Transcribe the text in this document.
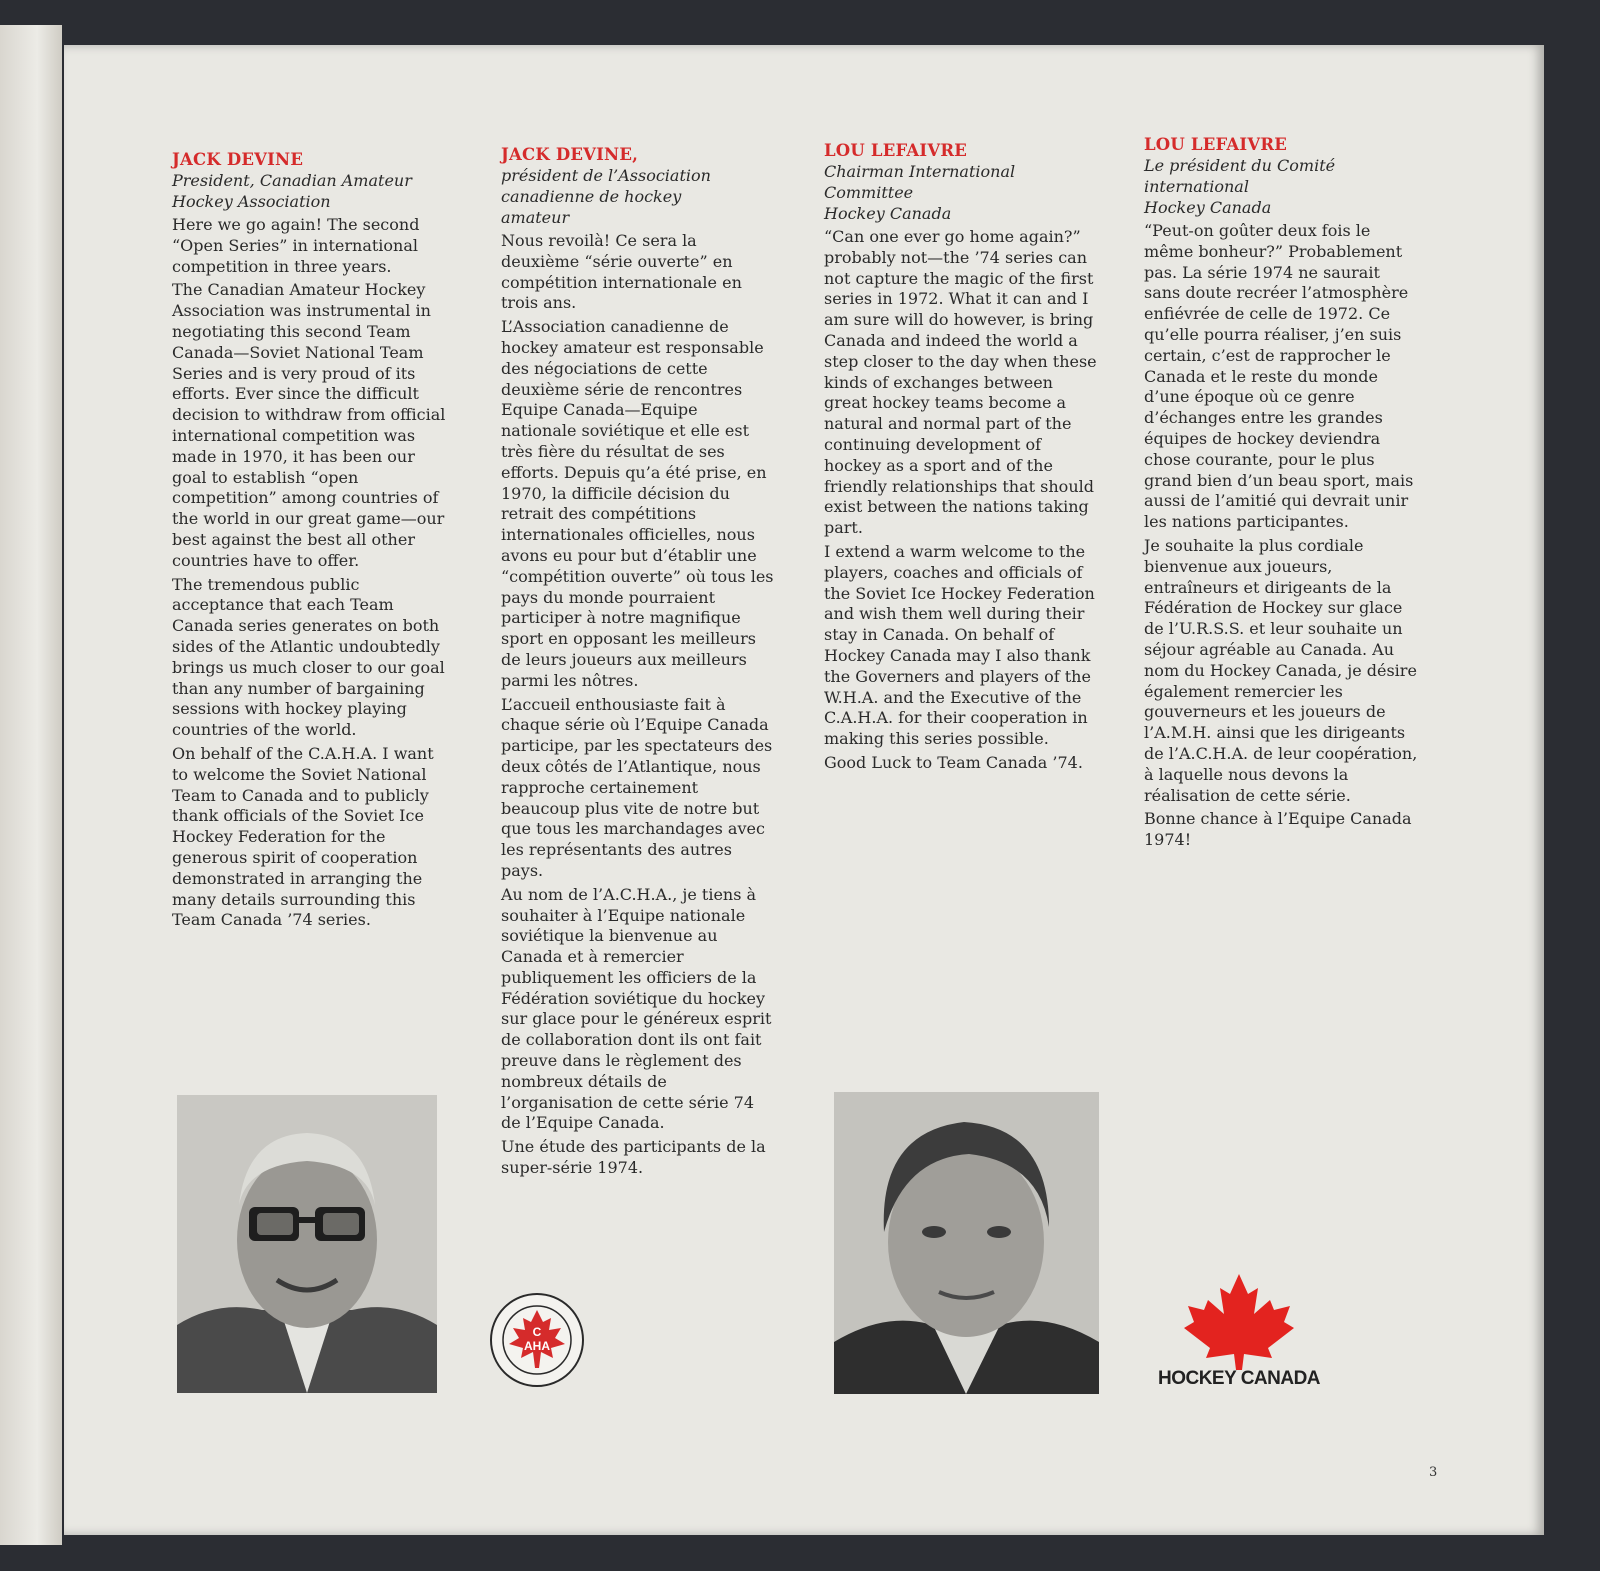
JACK DEVINE
President, Canadian Amateur
Hockey Association

Here we go again! The second “Open Series” in international competition in three years.

The Canadian Amateur Hockey Association was instrumental in negotiating this second Team Canada—Soviet National Team Series and is very proud of its efforts. Ever since the difficult decision to withdraw from official international competition was made in 1970, it has been our goal to establish “open competition” among countries of the world in our great game—our best against the best all other countries have to offer.

The tremendous public acceptance that each Team Canada series generates on both sides of the Atlantic undoubtedly brings us much closer to our goal than any number of bargaining sessions with hockey playing countries of the world.

On behalf of the C.A.H.A. I want to welcome the Soviet National Team to Canada and to publicly thank officials of the Soviet Ice Hockey Federation for the generous spirit of cooperation demonstrated in arranging the many details surrounding this Team Canada ’74 series.

JACK DEVINE,
président de l’Association
canadienne de hockey
amateur

Nous revoilà! Ce sera la deuxième “série ouverte” en compétition internationale en trois ans.

L’Association canadienne de hockey amateur est responsable des négociations de cette deuxième série de rencontres Equipe Canada—Equipe nationale soviétique et elle est très fière du résultat de ses efforts. Depuis qu’a été prise, en 1970, la difficile décision du retrait des compétitions internationales officielles, nous avons eu pour but d’établir une “compétition ouverte” où tous les pays du monde pourraient participer à notre magnifique sport en opposant les meilleurs de leurs joueurs aux meilleurs parmi les nôtres.

L’accueil enthousiaste fait à chaque série où l’Equipe Canada participe, par les spectateurs des deux côtés de l’Atlantique, nous rapproche certainement beaucoup plus vite de notre but que tous les marchandages avec les représentants des autres pays.

Au nom de l’A.C.H.A., je tiens à souhaiter à l’Equipe nationale soviétique la bienvenue au Canada et à remercier publiquement les officiers de la Fédération soviétique du hockey sur glace pour le généreux esprit de collaboration dont ils ont fait preuve dans le règlement des nombreux détails de l’organisation de cette série 74 de l’Equipe Canada.

Une étude des participants de la super-série 1974.

LOU LEFAIVRE
Chairman International
Committee
Hockey Canada

“Can one ever go home again?” probably not—the ’74 series can not capture the magic of the first series in 1972. What it can and I am sure will do however, is bring Canada and indeed the world a step closer to the day when these kinds of exchanges between great hockey teams become a natural and normal part of the continuing development of hockey as a sport and of the friendly relationships that should exist between the nations taking part.

I extend a warm welcome to the players, coaches and officials of the Soviet Ice Hockey Federation and wish them well during their stay in Canada. On behalf of Hockey Canada may I also thank the Governers and players of the W.H.A. and the Executive of the C.A.H.A. for their cooperation in making this series possible.

Good Luck to Team Canada ’74.

LOU LEFAIVRE
Le président du Comité
international
Hockey Canada

“Peut-on goûter deux fois le même bonheur?” Probablement pas. La série 1974 ne saurait sans doute recréer l’atmosphère enfiévrée de celle de 1972. Ce qu’elle pourra réaliser, j’en suis certain, c’est de rapprocher le Canada et le reste du monde d’une époque où ce genre d’échanges entre les grandes équipes de hockey deviendra chose courante, pour le plus grand bien d’un beau sport, mais aussi de l’amitié qui devrait unir les nations participantes.

Je souhaite la plus cordiale bienvenue aux joueurs, entraîneurs et dirigeants de la Fédération de Hockey sur glace de l’U.R.S.S. et leur souhaite un séjour agréable au Canada. Au nom du Hockey Canada, je désire également remercier les gouverneurs et les joueurs de l’A.M.H. ainsi que les dirigeants de l’A.C.H.A. de leur coopération, à laquelle nous devons la réalisation de cette série.

Bonne chance à l’Equipe Canada 1974!

C
AHA
HOCKEY CANADA
3
